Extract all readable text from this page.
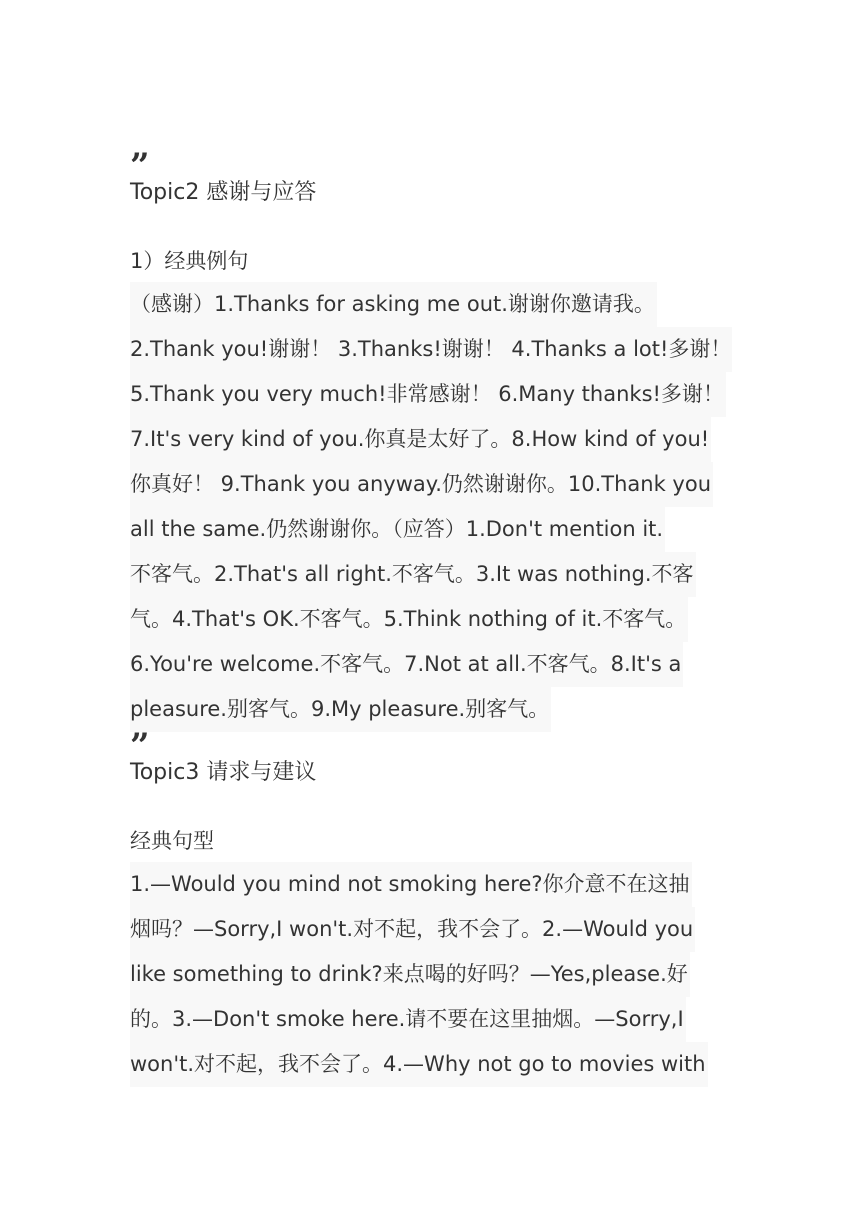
”
Topic2 感谢与应答
1）经典例句
（感谢）1.Thanks for asking me out.谢谢你邀请我。
2.Thank you!谢谢！ 3.Thanks!谢谢！ 4.Thanks a lot!多谢！
5.Thank you very much!非常感谢！ 6.Many thanks!多谢！
7.It's very kind of you.你真是太好了。8.How kind of you!
你真好！ 9.Thank you anyway.仍然谢谢你。10.Thank you
all the same.仍然谢谢你。（应答）1.Don't mention it.
不客气。2.That's all right.不客气。3.It was nothing.不客
气。4.That's OK.不客气。5.Think nothing of it.不客气。
6.You're welcome.不客气。7.Not at all.不客气。8.It's a
pleasure.别客气。9.My pleasure.别客气。
”
Topic3 请求与建议
经典句型
1.—Would you mind not smoking here?你介意不在这抽
烟吗？—Sorry,I won't.对不起，我不会了。2.—Would you
like something to drink?来点喝的好吗？—Yes,please.好
的。3.—Don't smoke here.请不要在这里抽烟。—Sorry,I
won't.对不起，我不会了。4.—Why not go to movies with
